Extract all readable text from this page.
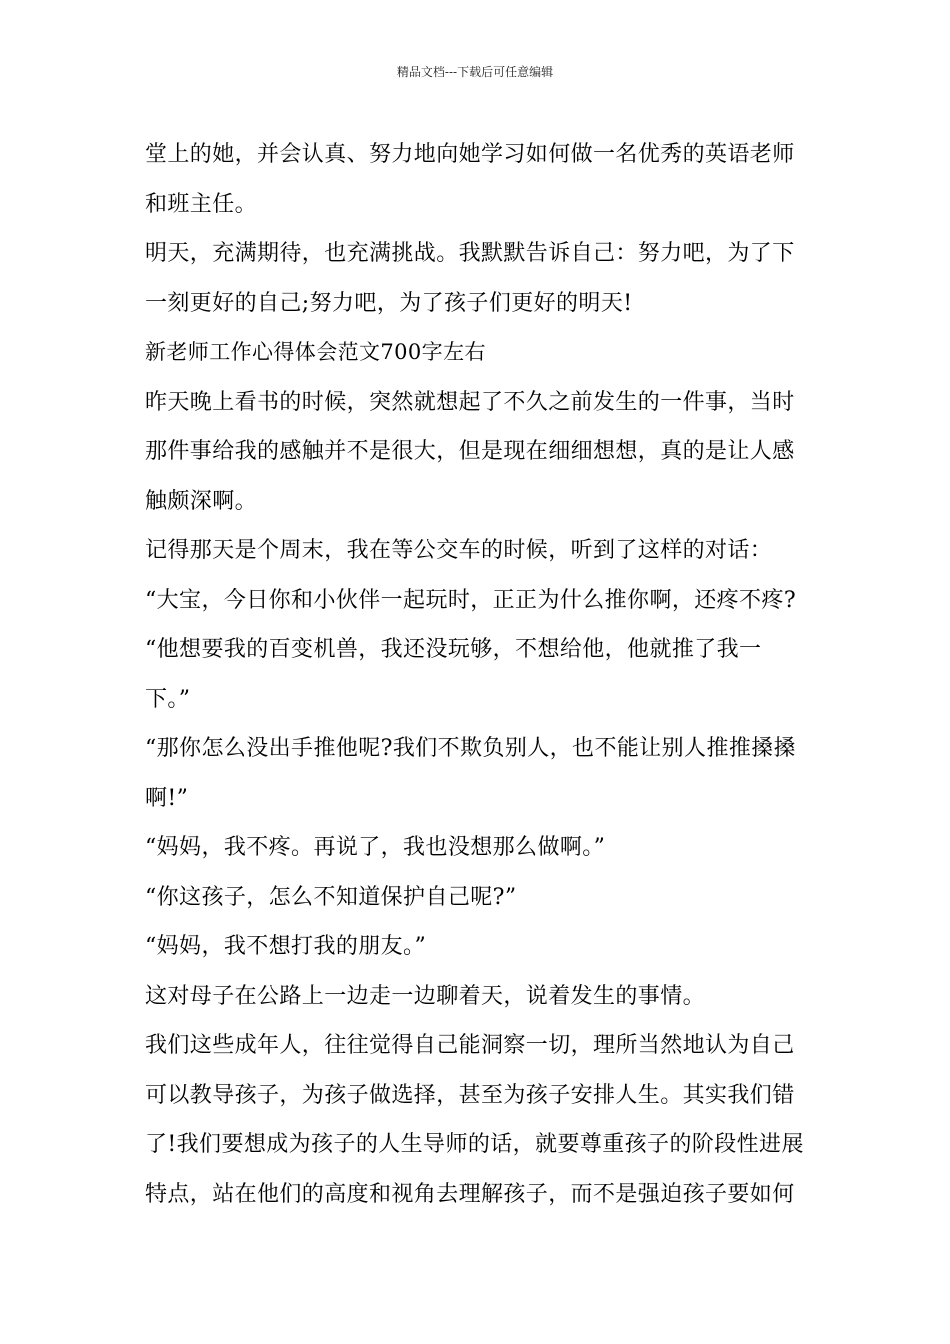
精品文档---下载后可任意编辑
堂上的她，并会认真、努力地向她学习如何做一名优秀的英语老师
和班主任。
明天，充满期待，也充满挑战。我默默告诉自己：努力吧，为了下
一刻更好的自己;努力吧，为了孩子们更好的明天!
新老师工作心得体会范文700字左右
昨天晚上看书的时候，突然就想起了不久之前发生的一件事，当时
那件事给我的感触并不是很大，但是现在细细想想，真的是让人感
触颇深啊。
记得那天是个周末，我在等公交车的时候，听到了这样的对话：
“大宝，今日你和小伙伴一起玩时，正正为什么推你啊，还疼不疼?
“他想要我的百变机兽，我还没玩够，不想给他，他就推了我一
下。”
“那你怎么没出手推他呢?我们不欺负别人，也不能让别人推推搡搡
啊!”
“妈妈，我不疼。再说了，我也没想那么做啊。”
“你这孩子，怎么不知道保护自己呢?”
“妈妈，我不想打我的朋友。”
这对母子在公路上一边走一边聊着天，说着发生的事情。
我们这些成年人，往往觉得自己能洞察一切，理所当然地认为自己
可以教导孩子，为孩子做选择，甚至为孩子安排人生。其实我们错
了!我们要想成为孩子的人生导师的话，就要尊重孩子的阶段性进展
特点，站在他们的高度和视角去理解孩子，而不是强迫孩子要如何
